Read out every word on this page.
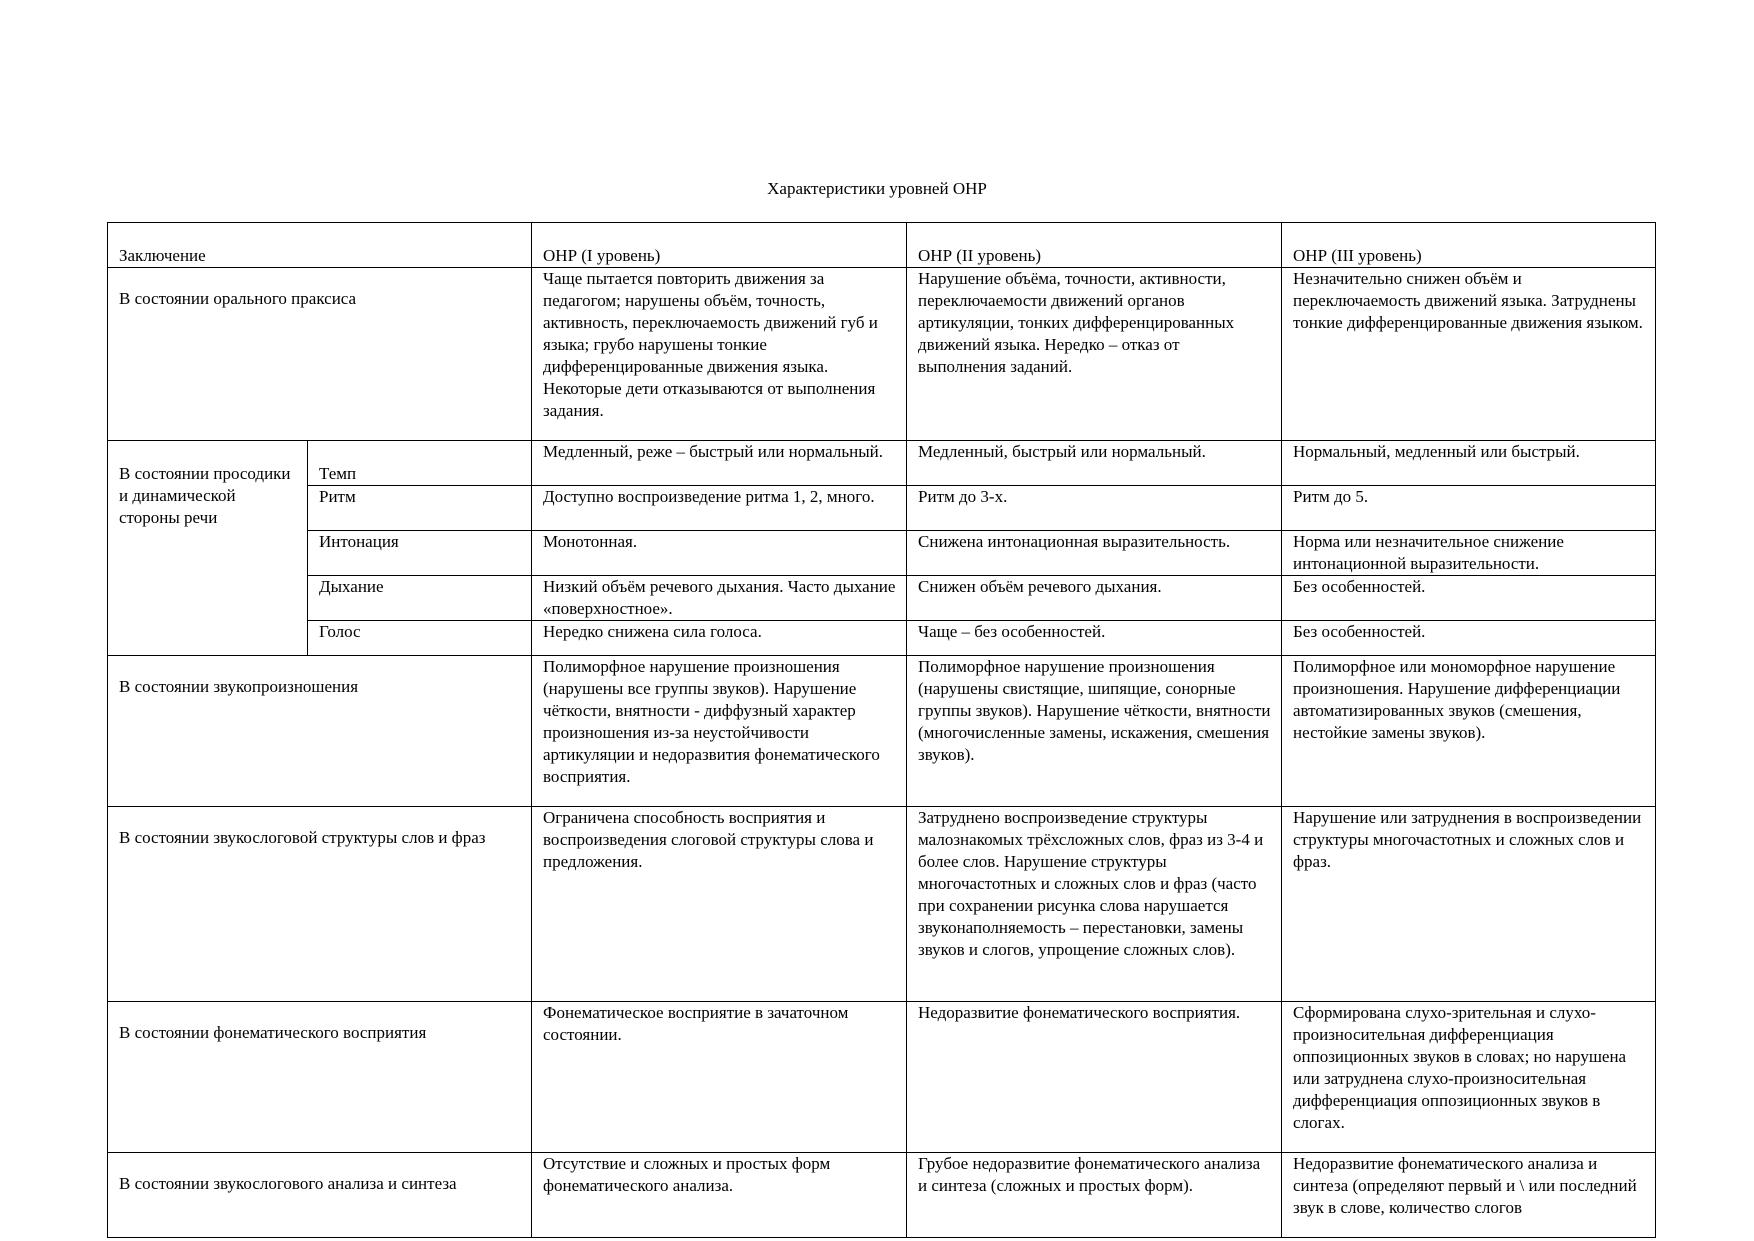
Характеристики уровней ОНР
Заключение		ОНР (I уровень)	ОНР (II уровень)	ОНР (III уровень)
В состоянии орального праксиса		Чаще пытается повторить движения за педагогом; нарушены объём, точность, активность, переключаемость движений губ и языка; грубо нарушены тонкие дифференцированные движения языка. Некоторые дети отказываются от выполнения задания.	Нарушение объёма, точности, активности, переключаемости движений органов артикуляции, тонких дифференцированных движений языка. Нередко – отказ от выполнения заданий.	Незначительно снижен объём и переключаемость движений языка. Затруднены тонкие дифференцированные движения языком.
В состоянии просодики и динамической стороны речи	Темп	Медленный, реже – быстрый или нормальный.	Медленный, быстрый или нормальный.	Нормальный, медленный или быстрый.
	Ритм	Доступно воспроизведение ритма 1, 2, много.	Ритм до 3-х.	Ритм до 5.
	Интонация	Монотонная.	Снижена интонационная выразительность.	Норма или незначительное снижение интонационной выразительности.
	Дыхание	Низкий объём речевого дыхания. Часто дыхание «поверхностное».	Снижен объём речевого дыхания.	Без особенностей.
	Голос	Нередко снижена сила голоса.	Чаще – без особенностей.	Без особенностей.
В состоянии звукопроизношения		Полиморфное нарушение произношения (нарушены все группы звуков). Нарушение чёткости, внятности - диффузный характер произношения из-за неустойчивости артикуляции и недоразвития фонематического восприятия.	Полиморфное нарушение произношения (нарушены свистящие, шипящие, сонорные группы звуков). Нарушение чёткости, внятности (многочисленные замены, искажения, смешения звуков).	Полиморфное или мономорфное нарушение произношения. Нарушение дифференциации автоматизированных звуков (смешения, нестойкие замены звуков).
В состоянии звукослоговой структуры слов и фраз		Ограничена способность восприятия и воспроизведения слоговой структуры слова и предложения.	Затруднено воспроизведение структуры малознакомых трёхсложных слов, фраз из 3-4 и более слов. Нарушение структуры многочастотных и сложных слов и фраз (часто при сохранении рисунка слова нарушается звуконаполняемость – перестановки, замены звуков и слогов, упрощение сложных слов).	Нарушение или затруднения в воспроизведении структуры многочастотных и сложных слов и фраз.
В состоянии фонематического восприятия		Фонематическое восприятие в зачаточном состоянии.	Недоразвитие фонематического восприятия.	Сформирована слухо-зрительная и слухо-произносительная дифференциация оппозиционных звуков в словах; но нарушена или затруднена слухо-произносительная дифференциация оппозиционных звуков в слогах.
В состоянии звукослогового анализа и синтеза		Отсутствие и сложных и простых форм фонематического анализа.	Грубое недоразвитие фонематического анализа и синтеза (сложных и простых форм).	Недоразвитие фонематического анализа и синтеза (определяют первый и \ или последний звук в слове, количество слогов
